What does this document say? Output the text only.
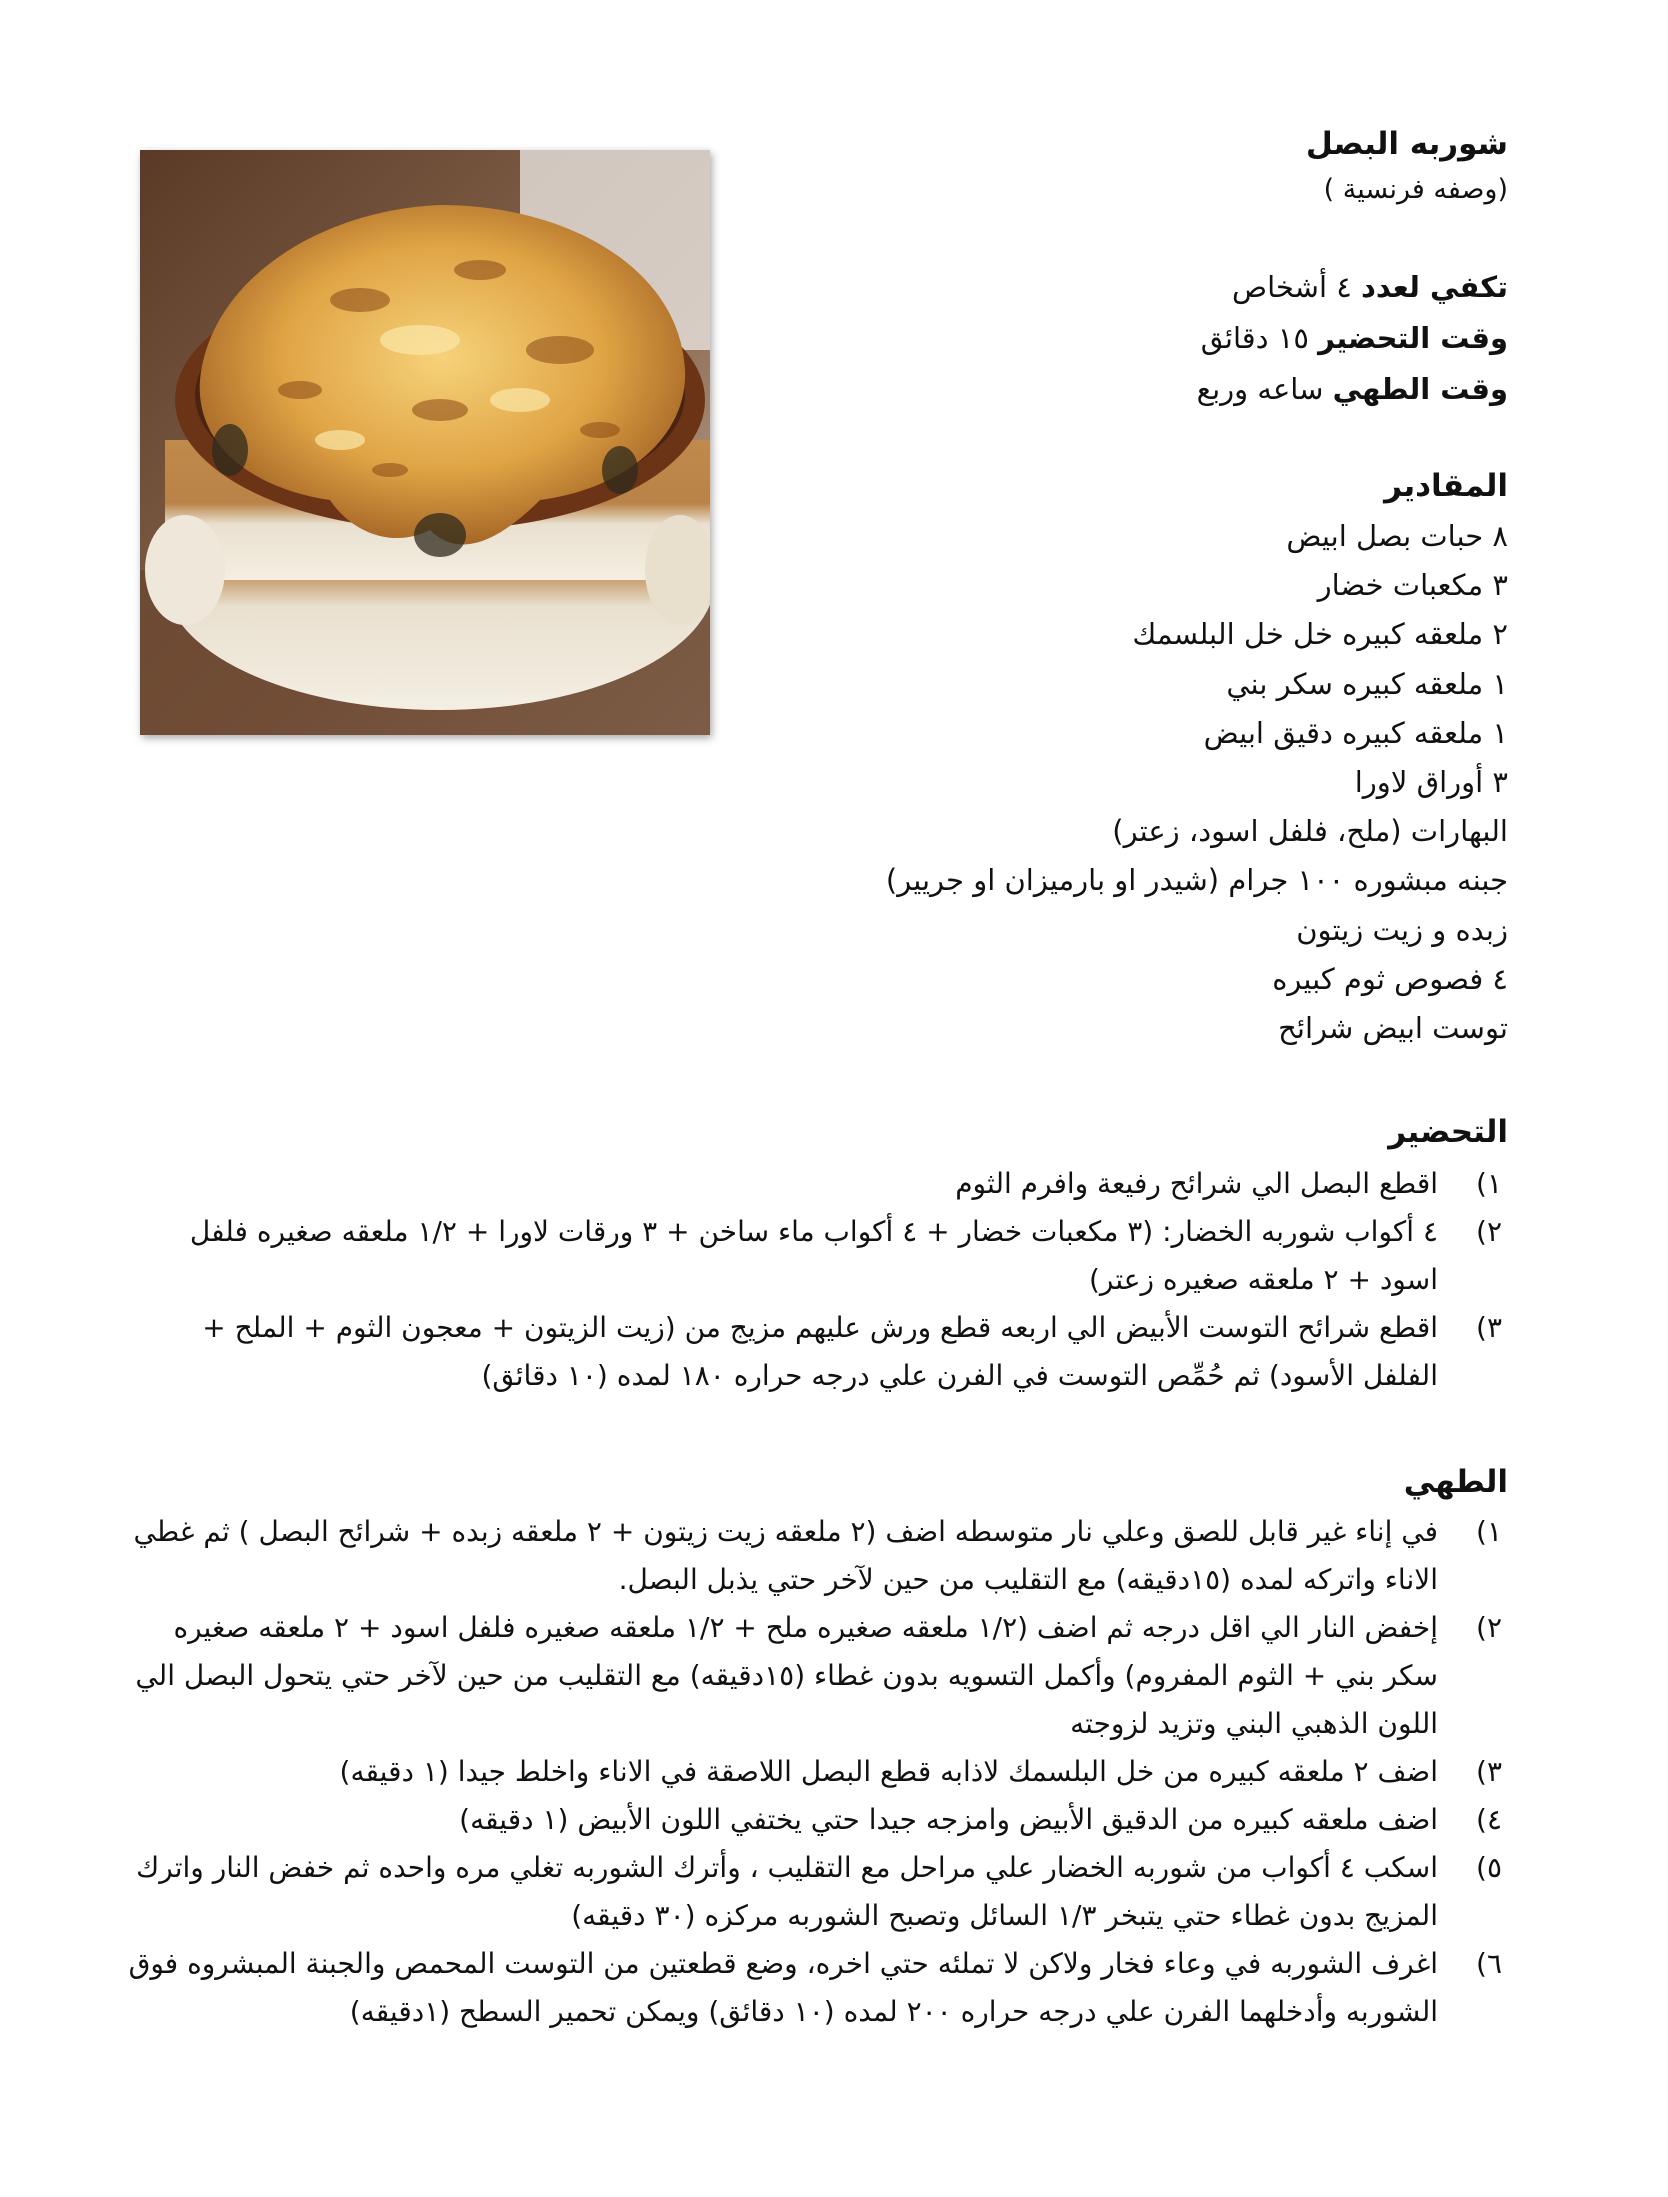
شوربه البصل
(وصفه فرنسية )
تكفي لعدد ٤ أشخاص
وقت التحضير ١٥ دقائق
وقت الطهي ساعه وربع
المقادير
٨ حبات بصل ابيض
٣ مكعبات خضار
٢ ملعقه كبيره خل خل البلسمك
١ ملعقه كبيره سكر بني
١ ملعقه كبيره دقيق ابيض
٣ أوراق لاورا
البهارات (ملح، فلفل اسود، زعتر)
جبنه مبشوره ١٠٠ جرام (شيدر او بارميزان او جريير)
زبده و زيت زيتون
٤ فصوص ثوم كبيره
توست ابيض شرائح
التحضير
١)
اقطع البصل الي شرائح رفيعة وافرم الثوم
٢)
٤ أكواب شوربه الخضار: (٣ مكعبات خضار + ٤ أكواب ماء ساخن + ٣ ورقات لاورا + ١/٢ ملعقه صغيره فلفل اسود + ٢ ملعقه صغيره زعتر)
٣)
اقطع شرائح التوست الأبيض الي اربعه قطع ورش عليهم مزيج من (زيت الزيتون + معجون الثوم + الملح + الفلفل الأسود) ثم حُمِّص التوست في الفرن علي درجه حراره ١٨٠ لمده (١٠ دقائق)
الطهي
١)
في إناء غير قابل للصق وعلي نار متوسطه اضف (٢ ملعقه زيت زيتون + ٢ ملعقه زبده + شرائح البصل ) ثم غطي الاناء واتركه لمده (١٥دقيقه) مع التقليب من حين لآخر حتي يذبل البصل.
٢)
إخفض النار الي اقل درجه ثم اضف (١/٢ ملعقه صغيره ملح + ١/٢ ملعقه صغيره فلفل اسود + ٢ ملعقه صغيره سكر بني + الثوم المفروم) وأكمل التسويه بدون غطاء (١٥دقيقه) مع التقليب من حين لآخر حتي يتحول البصل الي اللون الذهبي البني وتزيد لزوجته
٣)
اضف ٢ ملعقه كبيره من خل البلسمك لاذابه قطع البصل اللاصقة في الاناء واخلط جيدا (١ دقيقه)
٤)
اضف ملعقه كبيره من الدقيق الأبيض وامزجه جيدا حتي يختفي اللون الأبيض (١ دقيقه)
٥)
اسكب ٤ أكواب من شوربه الخضار علي مراحل مع التقليب ، وأترك الشوربه تغلي مره واحده ثم خفض النار واترك المزيج بدون غطاء حتي يتبخر ١/٣ السائل وتصبح الشوربه مركزه (٣٠ دقيقه)
٦)
اغرف الشوربه في وعاء فخار ولاكن لا تملئه حتي اخره، وضع قطعتين من التوست المحمص والجبنة المبشروه فوق الشوربه وأدخلهما الفرن علي درجه حراره ٢٠٠ لمده (١٠ دقائق) ويمكن تحمير السطح (١دقيقه)
